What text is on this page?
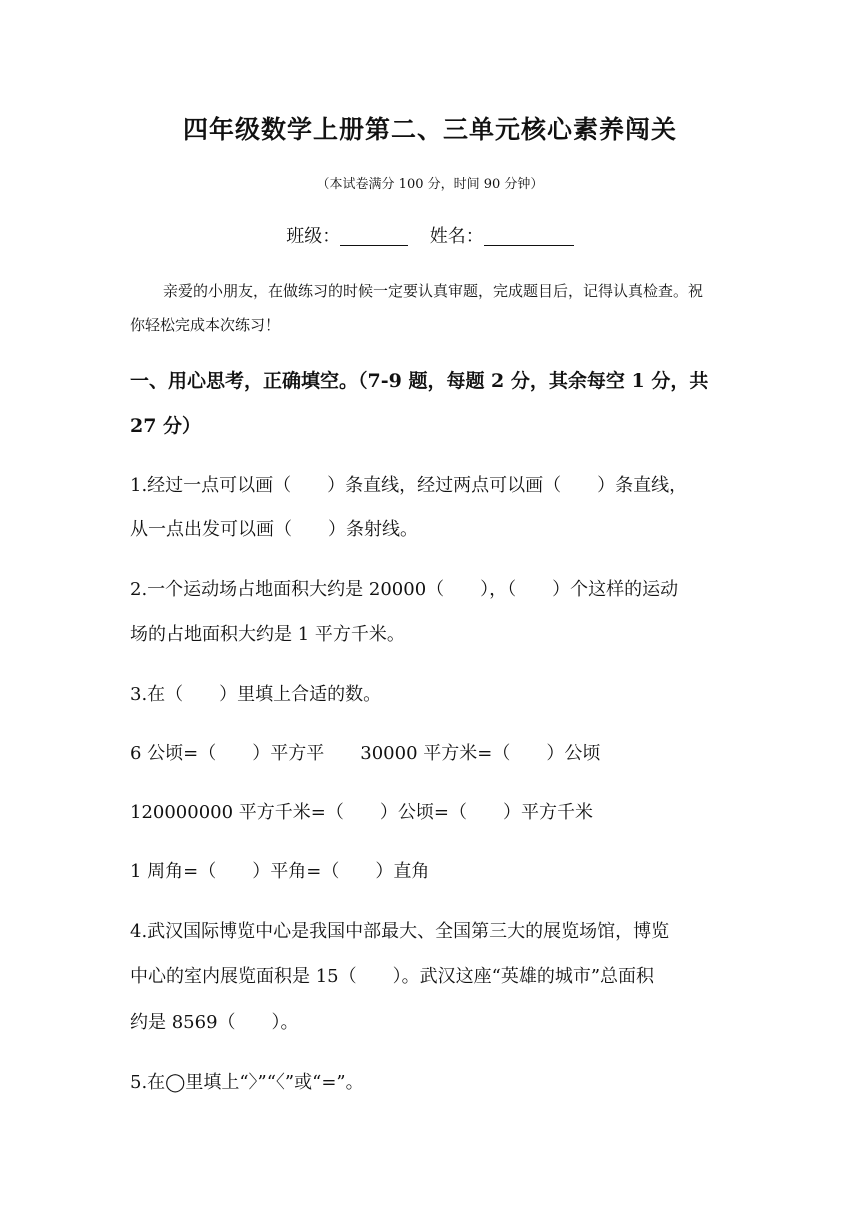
四年级数学上册第二、三单元核心素养闯关
（本试卷满分 100 分，时间 90 分钟）
班级：	姓名：
亲爱的小朋友，在做练习的时候一定要认真审题，完成题目后，记得认真检查。祝
你轻松完成本次练习！
一、用心思考，正确填空。（7-9 题，每题 2 分，其余每空 1 分，共
27 分）
1.经过一点可以画（　　）条直线，经过两点可以画（　　）条直线，
从一点出发可以画（　　）条射线。
2.一个运动场占地面积大约是 20000（　　），（　　）个这样的运动
场的占地面积大约是 1 平方千米。
3.在（　　）里填上合适的数。
6 公顷=（　　）平方平　　30000 平方米=（　　）公顷
120000000 平方千米=（　　）公顷=（　　）平方千米
1 周角=（　　）平角=（　　）直角
4.武汉国际博览中心是我国中部最大、全国第三大的展览场馆，博览
中心的室内展览面积是 15（　　）。武汉这座“英雄的城市”总面积
约是 8569（　　）。
5.在◯里填上“〉”“〈”或“=”。
